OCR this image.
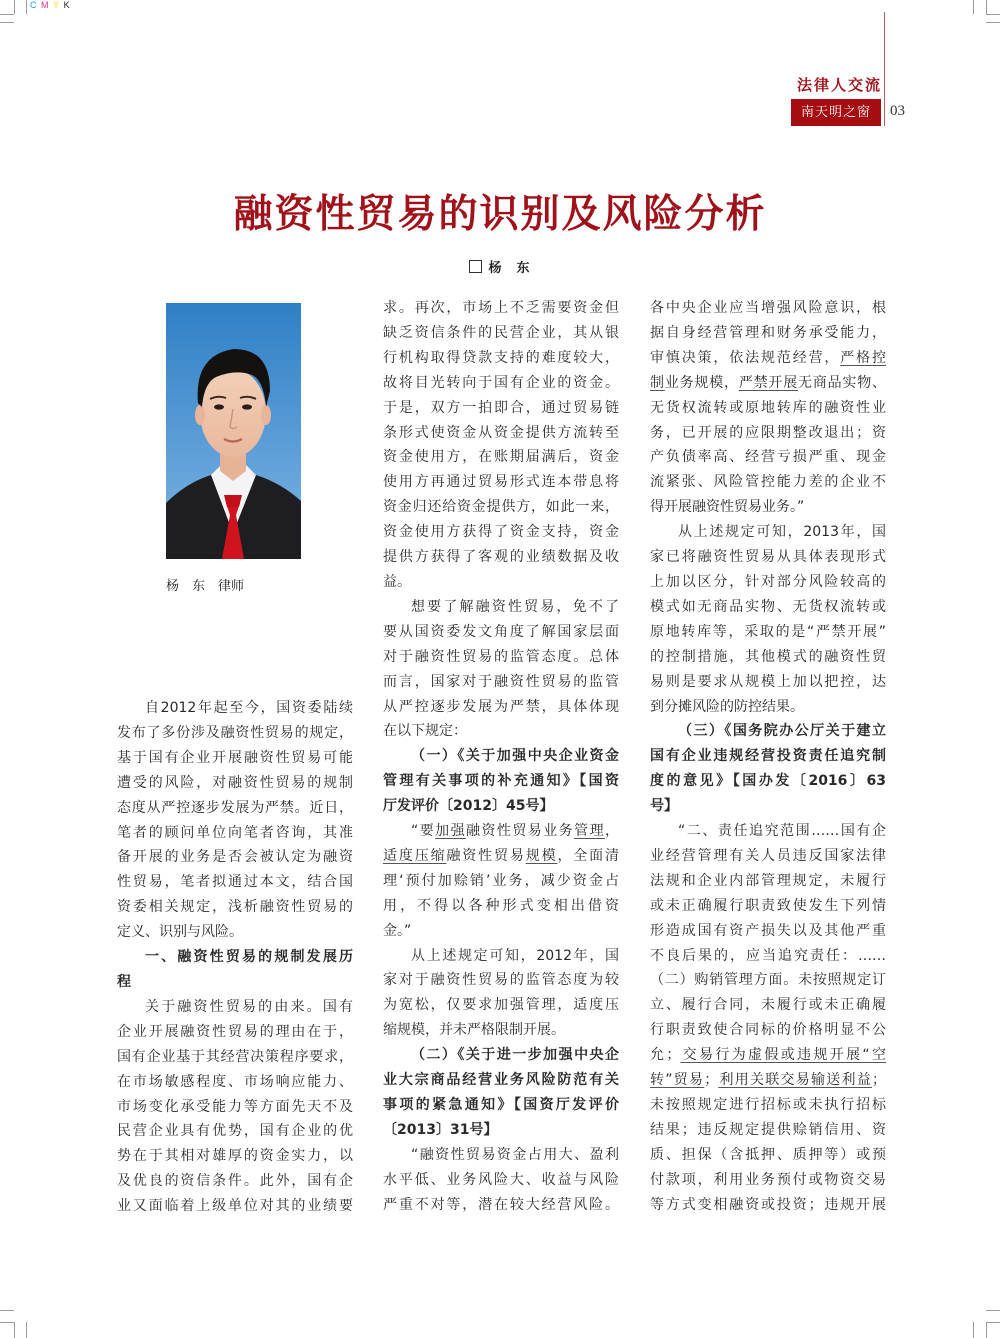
C M Y K
法律人交流
南天明之窗	03
融资性贸易的识别及风险分析
杨　东
杨　东　律师
自2012年起至今，国资委陆续
发布了多份涉及融资性贸易的规定，
基于国有企业开展融资性贸易可能
遭受的风险，对融资性贸易的规制
态度从严控逐步发展为严禁。近日，
笔者的顾问单位向笔者咨询，其准
备开展的业务是否会被认定为融资
性贸易，笔者拟通过本文，结合国
资委相关规定，浅析融资性贸易的
定义、识别与风险。
一、融资性贸易的规制发展历
程
关于融资性贸易的由来。国有
企业开展融资性贸易的理由在于，
国有企业基于其经营决策程序要求，
在市场敏感程度、市场响应能力、
市场变化承受能力等方面先天不及
民营企业具有优势，国有企业的优
势在于其相对雄厚的资金实力，以
及优良的资信条件。此外，国有企
业又面临着上级单位对其的业绩要
求。再次，市场上不乏需要资金但
缺乏资信条件的民营企业，其从银
行机构取得贷款支持的难度较大，
故将目光转向于国有企业的资金。
于是，双方一拍即合，通过贸易链
条形式使资金从资金提供方流转至
资金使用方，在账期届满后，资金
使用方再通过贸易形式连本带息将
资金归还给资金提供方，如此一来，
资金使用方获得了资金支持，资金
提供方获得了客观的业绩数据及收
益。
想要了解融资性贸易，免不了
要从国资委发文角度了解国家层面
对于融资性贸易的监管态度。总体
而言，国家对于融资性贸易的监管
从严控逐步发展为严禁，具体体现
在以下规定：
（一）《关于加强中央企业资金
管理有关事项的补充通知》【国资
厅发评价〔2012〕45号】
“要加强融资性贸易业务管理，
适度压缩融资性贸易规模，全面清
理‘预付加赊销’业务，减少资金占
用，不得以各种形式变相出借资
金。”
从上述规定可知，2012年，国
家对于融资性贸易的监管态度为较
为宽松，仅要求加强管理，适度压
缩规模，并未严格限制开展。
（二）《关于进一步加强中央企
业大宗商品经营业务风险防范有关
事项的紧急通知》【国资厅发评价
〔2013〕31号】
“融资性贸易资金占用大、盈利
水平低、业务风险大、收益与风险
严重不对等，潜在较大经营风险。
各中央企业应当增强风险意识，根
据自身经营管理和财务承受能力，
审慎决策，依法规范经营，严格控
制业务规模，严禁开展无商品实物、
无货权流转或原地转库的融资性业
务，已开展的应限期整改退出；资
产负债率高、经营亏损严重、现金
流紧张、风险管控能力差的企业不
得开展融资性贸易业务。”
从上述规定可知，2013年，国
家已将融资性贸易从具体表现形式
上加以区分，针对部分风险较高的
模式如无商品实物、无货权流转或
原地转库等，采取的是“严禁开展”
的控制措施，其他模式的融资性贸
易则是要求从规模上加以把控，达
到分摊风险的防控结果。
（三）《国务院办公厅关于建立
国有企业违规经营投资责任追究制
度的意见》【国办发〔2016〕63
号】
“二、责任追究范围……国有企
业经营管理有关人员违反国家法律
法规和企业内部管理规定，未履行
或未正确履行职责致使发生下列情
形造成国有资产损失以及其他严重
不良后果的，应当追究责任：……
（二）购销管理方面。未按照规定订
立、履行合同，未履行或未正确履
行职责致使合同标的价格明显不公
允；交易行为虚假或违规开展“空
转”贸易；利用关联交易输送利益；
未按照规定进行招标或未执行招标
结果；违反规定提供赊销信用、资
质、担保（含抵押、质押等）或预
付款项，利用业务预付或物资交易
等方式变相融资或投资；违规开展
